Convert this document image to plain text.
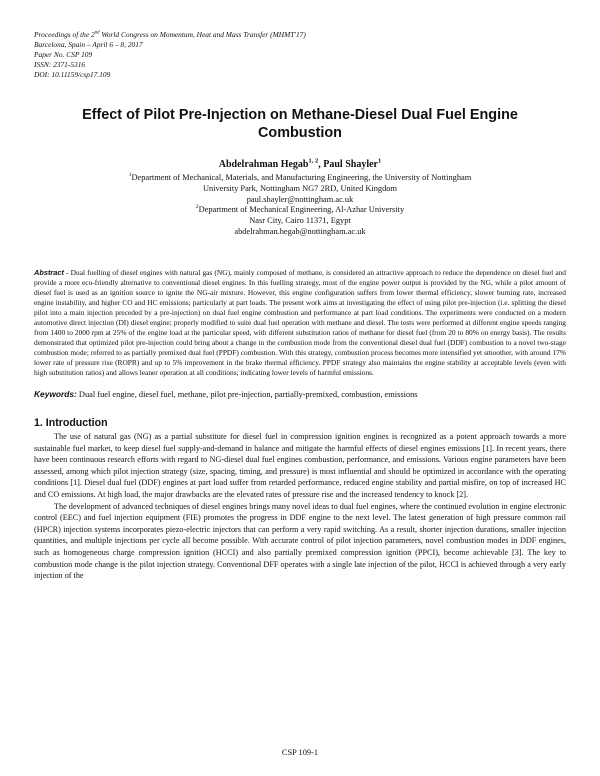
Proceedings of the 2nd World Congress on Momentum, Heat and Mass Transfer (MHMT'17)
Barcelona, Spain – April 6 – 8, 2017
Paper No. CSP 109
ISSN: 2371-5316
DOI: 10.11159/csp17.109
Effect of Pilot Pre-Injection on Methane-Diesel Dual Fuel Engine Combustion
Abdelrahman Hegab$^{1, 2}$, Paul Shayler$^1$
$^1$Department of Mechanical, Materials, and Manufacturing Engineering, the University of Nottingham
University Park, Nottingham NG7 2RD, United Kingdom
paul.shayler@nottingham.ac.uk
$^2$Department of Mechanical Engineering, Al-Azhar University
Nasr City, Cairo 11371, Egypt
abdelrahman.hegab@nottingham.ac.uk
Abstract - Dual fuelling of diesel engines with natural gas (NG), mainly composed of methane, is considered an attractive approach to reduce the dependence on diesel fuel and provide a more eco-friendly alternative to conventional diesel engines. In this fuelling strategy, most of the engine power output is provided by the NG, while a pilot amount of diesel fuel is used as an ignition source to ignite the NG-air mixture. However, this engine configuration suffers from lower thermal efficiency, slower burning rate, increased engine instability, and higher CO and HC emissions; particularly at part loads. The present work aims at investigating the effect of using pilot pre-injection (i.e. splitting the diesel pilot into a main injection preceded by a pre-injection) on dual fuel engine combustion and performance at part load conditions. The experiments were conducted on a modern automotive direct injection (DI) diesel engine; properly modified to suite dual fuel operation with methane and diesel. The tests were performed at different engine speeds ranging from 1400 to 2000 rpm at 25% of the engine load at the particular speed, with different substitution ratios of methane for diesel fuel (from 20 to 80% on energy basis). The results demonstrated that optimized pilot pre-injection could bring about a change in the combustion mode from the conventional diesel dual fuel (DDF) combustion to a novel two-stage combustion mode; referred to as partially premixed dual fuel (PPDF) combustion. With this strategy, combustion process becomes more intensified yet smoother, with around 17% lower rate of pressure rise (ROPR) and up to 5% improvement in the brake thermal efficiency. PPDF strategy also maintains the engine stability at acceptable levels (even with high substitution ratios) and allows leaner operation at all conditions; indicating lower levels of harmful emissions.
Keywords: Dual fuel engine, diesel fuel, methane, pilot pre-injection, partially-premixed, combustion, emissions
1. Introduction

The use of natural gas (NG) as a partial substitute for diesel fuel in compression ignition engines is recognized as a potent approach towards a more sustainable fuel market, to keep diesel fuel supply-and-demand in balance and mitigate the harmful effects of diesel engines emissions [1]. In recent years, there have been continuous research efforts with regard to NG-diesel dual fuel engines combustion, performance, and emissions. Various engine parameters have been assessed, among which pilot injection strategy (size, spacing, timing, and pressure) is most influential and should be optimized in accordance with the operating conditions [1]. Diesel dual fuel (DDF) engines at part load suffer from retarded performance, reduced engine stability and partial misfire, on top of increased HC and CO emissions. At high load, the major drawbacks are the elevated rates of pressure rise and the increased tendency to knock [2].

The development of advanced techniques of diesel engines brings many novel ideas to dual fuel engines, where the continued evolution in engine electronic control (EEC) and fuel injection equipment (FIE) promotes the progress in DDF engine to the next level. The latest generation of high pressure common rail (HPCR) injection systems incorporates piezo-electric injectors that can perform a very rapid switching. As a result, shorter injection durations, smaller injection quantities, and multiple injections per cycle all become possible. With accurate control of pilot injection parameters, novel combustion modes in DDF engines, such as homogeneous charge compression ignition (HCCI) and also partially premixed compression ignition (PPCI), become achievable [3]. The key to combustion mode change is the pilot injection strategy. Conventional DFF operates with a single late injection of the pilot, HCCI is achieved through a very early injection of the

CSP 109-1
